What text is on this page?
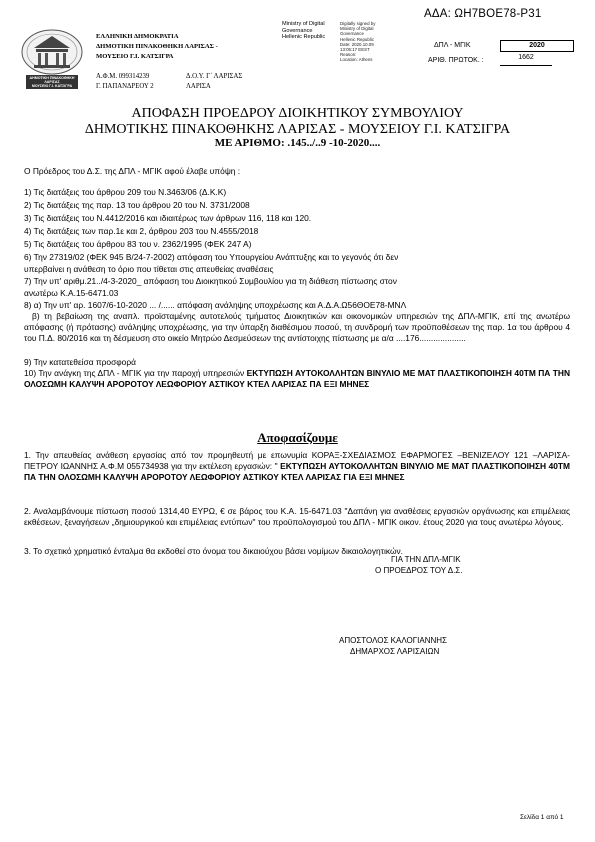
ΑΔΑ: ΩΗ7ΒΟΕ78-Ρ31
ΔΗΜΟΤΙΚΗ ΠΙΝΑΚΟΘΗΚΗ
ΛΑΡΙΣΑΣ
ΜΟΥΣΕΙΟ Γ.Ι. ΚΑΤΣΙΓΡΑ
ΕΛΛΗΝΙΚΗ ΔΗΜΟΚΡΑΤΙΑ
ΔΗΜΟΤΙΚΗ ΠΙΝΑΚΟΘΗΚΗ ΛΑΡΙΣΑΣ -
ΜΟΥΣΕΙΟ Γ.Ι. ΚΑΤΣΙΓΡΑ
Α.Φ.Μ. 099314239	Δ.Ο.Υ. Γ΄ ΛΑΡΙΣΑΣ
Γ. ΠΑΠΑΝΔΡΕΟΥ 2	ΛΑΡΙΣΑ
Ministry of Digital
Governance
Hellenic Republic
Digitally signed by
Ministry of Digital
Governance
Hellenic Republic
Date: 2020.10.09
13:05:17 EEST
Reason:
Location: Athens
ΔΠΛ - ΜΓΙΚ	2020
ΑΡΙΘ. ΠΡΩΤΟΚ. :	1662
ΑΠΟΦΑΣΗ ΠΡΟΕΔΡΟΥ ΔΙΟΙΚΗΤΙΚΟΥ ΣΥΜΒΟΥΛΙΟΥ
ΔΗΜΟΤΙΚΗΣ ΠΙΝΑΚΟΘΗΚΗΣ ΛΑΡΙΣΑΣ - ΜΟΥΣΕΙΟΥ Γ.Ι. ΚΑΤΣΙΓΡΑ
ΜΕ ΑΡΙΘΜΟ: .145../..9 -10-2020....
Ο Πρόεδρος του Δ.Σ. της ΔΠΛ - ΜΓΙΚ αφού έλαβε υπόψη :
1) Τις διατάξεις του άρθρου 209 του Ν.3463/06 (Δ.Κ.Κ)
2) Τις διατάξεις της παρ. 13 του άρθρου 20 του Ν. 3731/2008
3) Τις διατάξεις του Ν.4412/2016 και ιδιαιτέρως των άρθρων 116, 118 και 120.
4) Τις διατάξεις των παρ.1ε και 2, άρθρου 203 του Ν.4555/2018
5) Τις διατάξεις του άρθρου 83 του ν. 2362/1995 (ΦΕΚ 247 Α)
6) Την 27319/02 (ΦΕΚ 945 Β/24-7-2002) απόφαση του Υπουργείου Ανάπτυξης και το γεγονός ότι δεν
υπερβαίνει η ανάθεση το όριο που τίθεται στις απευθείας αναθέσεις
7) Την υπ' αριθμ.21../4-3-2020_ απόφαση του Διοικητικού Συμβουλίου για τη διάθεση πίστωσης στον
ανωτέρω Κ.Α.15-6471.03
8) α) Την υπ' αρ. 1607/6-10-2020 ... /...... απόφαση ανάληψης υποχρέωσης και Α.Δ.Α.Ω56ΘΟΕ78-ΜΝΛ
β) τη βεβαίωση της αναπλ. προϊσταμένης αυτοτελούς τμήματος Διοικητικών και οικονομικών υπηρεσιών της ΔΠΛ-ΜΓΙΚ, επί της ανωτέρω απόφασης (ή πρότασης) ανάληψης υποχρέωσης, για την ύπαρξη διαθέσιμου ποσού, τη συνδρομή των προϋποθέσεων της παρ. 1α του άρθρου 4 του Π.Δ. 80/2016 και τη δέσμευση στο οικείο Μητρώο Δεσμεύσεων της αντίστοιχης πίστωσης με α/α ....176....................
9) Την κατατεθείσα προσφορά
10) Την ανάγκη της ΔΠΛ - ΜΓΙΚ για την παροχή υπηρεσιών ΕΚΤΥΠΩΣΗ ΑΥΤΟΚΟΛΛΗΤΩΝ ΒΙΝΥΛΙΟ ΜΕ ΜΑΤ ΠΛΑΣΤΙΚΟΠΟΙΗΣΗ 40ΤΜ ΠΑ ΤΗΝ ΟΛΟΣΩΜΗ ΚΑΛΥΨΗ ΑΡΟΡΟΤΟΥ ΛΕΩΦΟΡΙΟΥ ΑΣΤΙΚΟΥ ΚΤΕΛ ΛΑΡΙΣΑΣ ΠΑ ΕΞΙ ΜΗΝΕΣ
Αποφασίζουμε
1. Την απευθείας ανάθεση εργασίας από τον προμηθευτή με επωνυμία ΚΟΡΑΞ-ΣΧΕΔΙΑΣΜΟΣ ΕΦΑΡΜΟΓΕΣ –ΒΕΝΙΖΕΛΟΥ 121 –ΛΑΡΙΣΑ- ΠΕΤΡΟΥ ΙΩΑΝΝΗΣ Α.Φ.Μ 055734938 για την εκτέλεση εργασιών: " ΕΚΤΥΠΩΣΗ ΑΥΤΟΚΟΛΛΗΤΩΝ ΒΙΝΥΛΙΟ ΜΕ ΜΑΤ ΠΛΑΣΤΙΚΟΠΟΙΗΣΗ 40ΤΜ ΠΑ ΤΗΝ ΟΛΟΣΩΜΗ ΚΑΛΥΨΗ ΑΡΟΡΟΤΟΥ ΛΕΩΦΟΡΙΟΥ ΑΣΤΙΚΟΥ ΚΤΕΛ ΛΑΡΙΣΑΣ ΓΙΑ ΕΞΙ ΜΗΝΕΣ
2. Αναλαμβάνουμε πίστωση ποσού 1314,40 ΕΥΡΩ, € σε βάρος του Κ.Α. 15-6471.03 "Δαπάνη για αναθέσεις εργασιών οργάνωσης και επιμέλειας εκθέσεων, ξεναγήσεων „δημιουργικού και επιμέλειας εντύπων" του προϋπολογισμού του ΔΠΛ - ΜΓΙΚ οικον. έτους 2020 για τους ανωτέρω λόγους.
3. Το σχετικό χρηματικό ένταλμα θα εκδοθεί στο όνομα του δικαιούχου βάσει νομίμων δικαιολογητικών.
ΓΙΑ ΤΗΝ ΔΠΛ-ΜΓΙΚ
Ο ΠΡΟΕΔΡΟΣ ΤΟΥ Δ.Σ.
ΑΠΟΣΤΟΛΟΣ ΚΑΛΟΓΙΑΝΝΗΣ
ΔΗΜΑΡΧΟΣ ΛΑΡΙΣΑΙΩΝ
Σελίδα 1 από 1
